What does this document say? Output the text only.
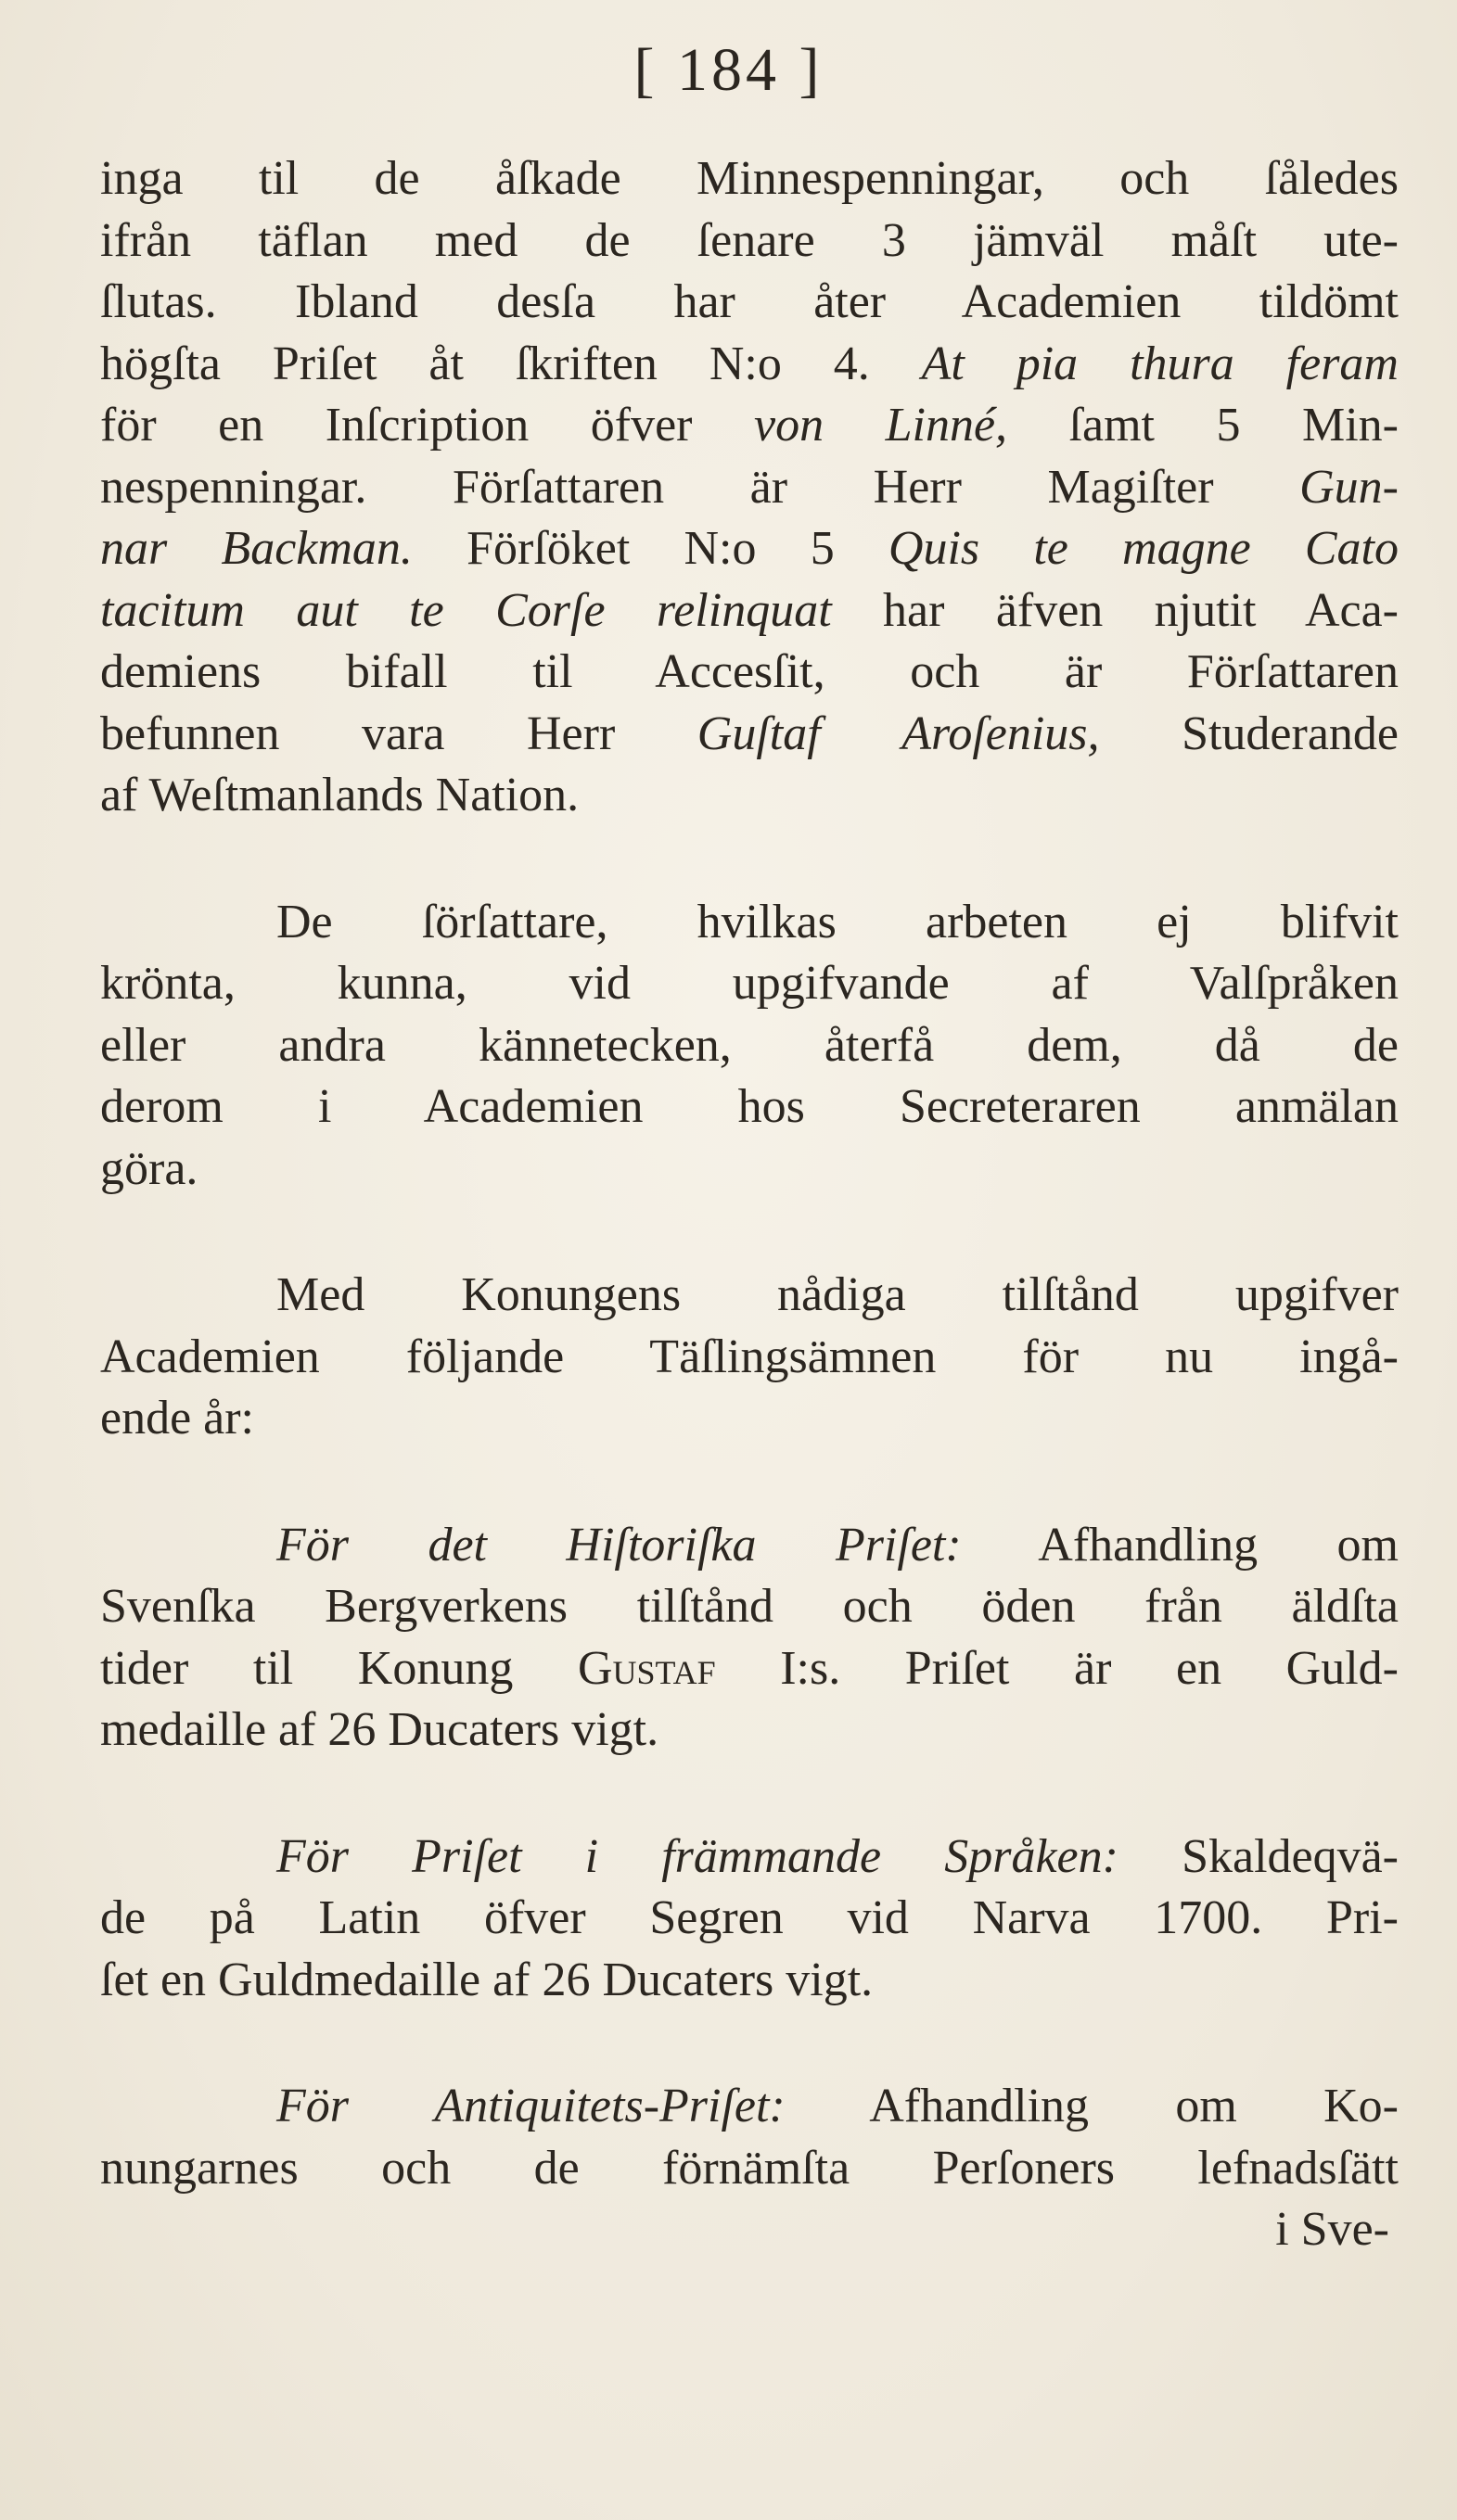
[ 184 ]
inga til de åſkade Minnespenningar, och ſåledes
ifrån täflan med de ſenare 3 jämväl måſt ute-
ſlutas. Ibland desſa har åter Academien tildömt
högſta Priſet åt ſkriften N:o 4. At pia thura feram
för en Inſcription öfver von Linné, ſamt 5 Min-
nespenningar. Förſattaren är Herr Magiſter Gun-
nar Backman. Förſöket N:o 5 Quis te magne Cato
tacitum aut te Corſe relinquat har äfven njutit Aca-
demiens bifall til Accesſit, och är Förſattaren
befunnen vara Herr Guſtaf Aroſenius, Studerande
af Weſtmanlands Nation.
De ſörſattare, hvilkas arbeten ej blifvit
krönta, kunna, vid upgifvande af Valſpråken
eller andra kännetecken, återfå dem, då de
derom i Academien hos Secreteraren anmälan
göra.
Med Konungens nådiga tilſtånd upgifver
Academien följande Täſlingsämnen för nu ingå-
ende år:
För det Hiſtoriſka Priſet: Afhandling om
Svenſka Bergverkens tilſtånd och öden från äldſta
tider til Konung Gustaf I:s. Priſet är en Guld-
medaille af 26 Ducaters vigt.
För Priſet i främmande Språken: Skaldeqvä-
de på Latin öfver Segren vid Narva 1700. Pri-
ſet en Guldmedaille af 26 Ducaters vigt.
För Antiquitets-Priſet: Afhandling om Ko-
nungarnes och de förnämſta Perſoners lefnadsſätt
i Sve-
